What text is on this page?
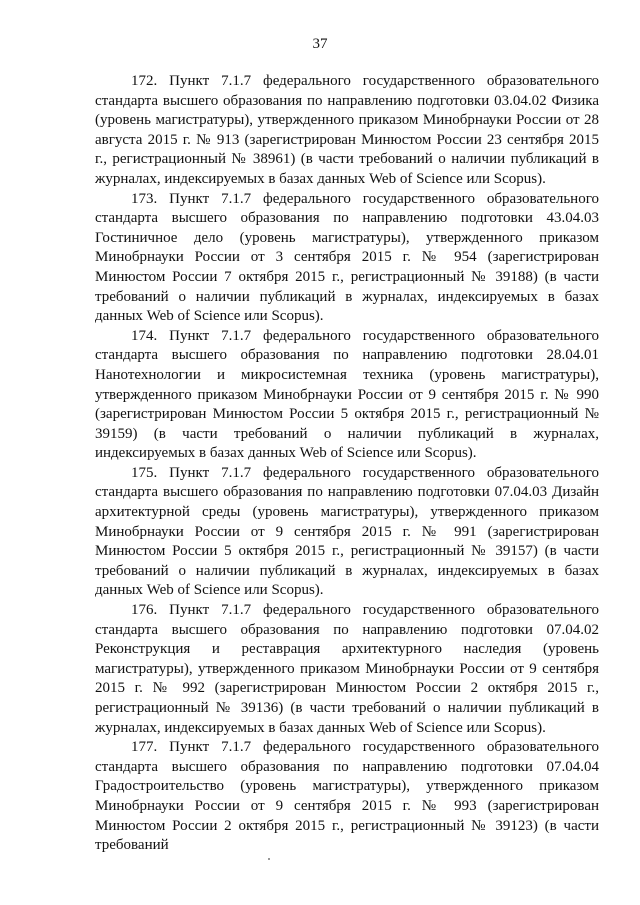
37

172. Пункт 7.1.7 федерального государственного образовательного стандарта высшего образования по направлению подготовки 03.04.02 Физика (уровень магистратуры), утвержденного приказом Минобрнауки России от 28 августа 2015 г. № 913 (зарегистрирован Минюстом России 23 сентября 2015 г., регистрационный № 38961) (в части требований о наличии публикаций в журналах, индексируемых в базах данных Web of Science или Scopus).

173. Пункт 7.1.7 федерального государственного образовательного стандарта высшего образования по направлению подготовки 43.04.03 Гостиничное дело (уровень магистратуры), утвержденного приказом Минобрнауки России от 3 сентября 2015 г. № 954 (зарегистрирован Минюстом России 7 октября 2015 г., регистрационный № 39188) (в части требований о наличии публикаций в журналах, индексируемых в базах данных Web of Science или Scopus).

174. Пункт 7.1.7 федерального государственного образовательного стандарта высшего образования по направлению подготовки 28.04.01 Нанотехнологии и микросистемная техника (уровень магистратуры), утвержденного приказом Минобрнауки России от 9 сентября 2015 г. № 990 (зарегистрирован Минюстом России 5 октября 2015 г., регистрационный № 39159) (в части требований о наличии публикаций в журналах, индексируемых в базах данных Web of Science или Scopus).

175. Пункт 7.1.7 федерального государственного образовательного стандарта высшего образования по направлению подготовки 07.04.03 Дизайн архитектурной среды (уровень магистратуры), утвержденного приказом Минобрнауки России от 9 сентября 2015 г. № 991 (зарегистрирован Минюстом России 5 октября 2015 г., регистрационный № 39157) (в части требований о наличии публикаций в журналах, индексируемых в базах данных Web of Science или Scopus).

176. Пункт 7.1.7 федерального государственного образовательного стандарта высшего образования по направлению подготовки 07.04.02 Реконструкция и реставрация архитектурного наследия (уровень магистратуры), утвержденного приказом Минобрнауки России от 9 сентября 2015 г. № 992 (зарегистрирован Минюстом России 2 октября 2015 г., регистрационный № 39136) (в части требований о наличии публикаций в журналах, индексируемых в базах данных Web of Science или Scopus).

177. Пункт 7.1.7 федерального государственного образовательного стандарта высшего образования по направлению подготовки 07.04.04 Градостроительство (уровень магистратуры), утвержденного приказом Минобрнауки России от 9 сентября 2015 г. № 993 (зарегистрирован Минюстом России 2 октября 2015 г., регистрационный № 39123) (в части требований
